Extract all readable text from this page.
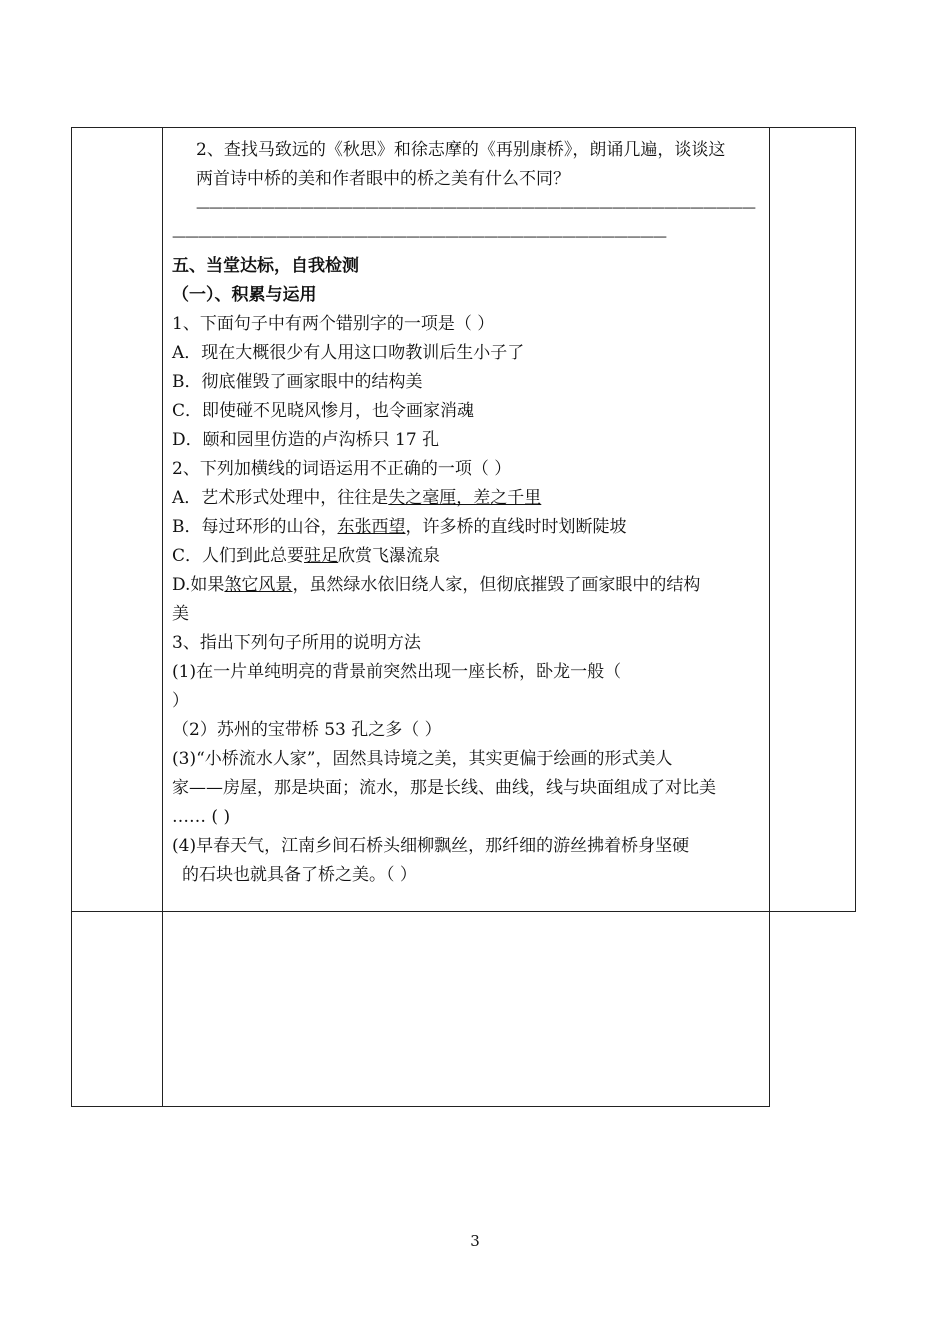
2、查找马致远的《秋思》和徐志摩的《再别康桥》，朗诵几遍，谈谈这
两首诗中桥的美和作者眼中的桥之美有什么不同？
———————————————————————————————————————————
——————————————————————————————————————
五、当堂达标，自我检测
（一）、积累与运用
1、下面句子中有两个错别字的一项是（ ）
A．现在大概很少有人用这口吻教训后生小子了
B．彻底催毁了画家眼中的结构美
C．即使碰不见晓风惨月，也令画家消魂
D．颐和园里仿造的卢沟桥只 17 孔
2、下列加横线的词语运用不正确的一项（ ）
A．艺术形式处理中，往往是失之毫厘，差之千里
B．每过环形的山谷，东张西望，许多桥的直线时时划断陡坡
C．人们到此总要驻足欣赏飞瀑流泉
D.如果煞它风景，虽然绿水依旧绕人家，但彻底摧毁了画家眼中的结构
美
3、指出下列句子所用的说明方法
(1)在一片单纯明亮的背景前突然出现一座长桥，卧龙一般（
）
（2）苏州的宝带桥 53 孔之多（ ）
(3)“小桥流水人家”，固然具诗境之美，其实更偏于绘画的形式美人
家——房屋，那是块面；流水，那是长线、曲线，线与块面组成了对比美
…… ( )
(4)早春天气，江南乡间石桥头细柳飘丝，那纤细的游丝拂着桥身坚硬
的石块也就具备了桥之美。（ ）
3
